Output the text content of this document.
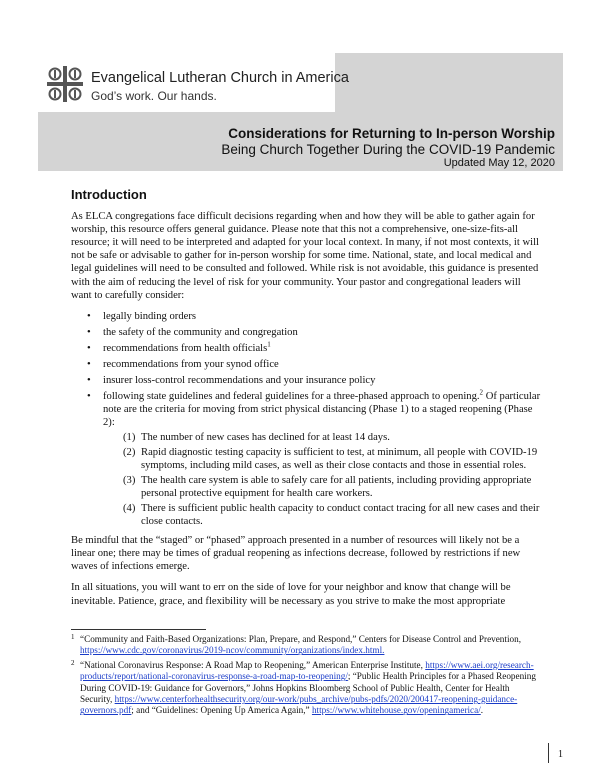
Evangelical Lutheran Church in America
God’s work. Our hands.
Considerations for Returning to In-person Worship
Being Church Together During the COVID-19 Pandemic
Updated May 12, 2020
Introduction

As ELCA congregations face difficult decisions regarding when and how they will be able to gather again for worship, this resource offers general guidance. Please note that this not a comprehensive, one-size-fits-all resource; it will need to be interpreted and adapted for your local context. In many, if not most contexts, it will not be safe or advisable to gather for in-person worship for some time. National, state, and local medical and legal guidelines will need to be consulted and followed. While risk is not avoidable, this guidance is presented with the aim of reducing the level of risk for your community. Your pastor and congregational leaders will want to carefully consider:

• legally binding orders
• the safety of the community and congregation
• recommendations from health officials$^1$
• recommendations from your synod office
• insurer loss-control recommendations and your insurance policy
• following state guidelines and federal guidelines for a three-phased approach to opening.$^2$ Of particular note are the criteria for moving from strict physical distancing (Phase 1) to a staged reopening (Phase 2):
(1) The number of new cases has declined for at least 14 days.
(2) Rapid diagnostic testing capacity is sufficient to test, at minimum, all people with COVID-19 symptoms, including mild cases, as well as their close contacts and those in essential roles.
(3) The health care system is able to safely care for all patients, including providing appropriate personal protective equipment for health care workers.
(4) There is sufficient public health capacity to conduct contact tracing for all new cases and their close contacts.

Be mindful that the “staged” or “phased” approach presented in a number of resources will likely not be a linear one; there may be times of gradual reopening as infections decrease, followed by restrictions if new waves of infections emerge.

In all situations, you will want to err on the side of love for your neighbor and know that change will be inevitable. Patience, grace, and flexibility will be necessary as you strive to make the most appropriate

1 “Community and Faith-Based Organizations: Plan, Prepare, and Respond,” Centers for Disease Control and Prevention, https://www.cdc.gov/coronavirus/2019-ncov/community/organizations/index.html.
2 “National Coronavirus Response: A Road Map to Reopening,” American Enterprise Institute, https://www.aei.org/research-products/report/national-coronavirus-response-a-road-map-to-reopening/; “Public Health Principles for a Phased Reopening During COVID-19: Guidance for Governors,” Johns Hopkins Bloomberg School of Public Health, Center for Health Security, https://www.centerforhealthsecurity.org/our-work/pubs_archive/pubs-pdfs/2020/200417-reopening-guidance-governors.pdf; and “Guidelines: Opening Up America Again,” https://www.whitehouse.gov/openingamerica/.
1
